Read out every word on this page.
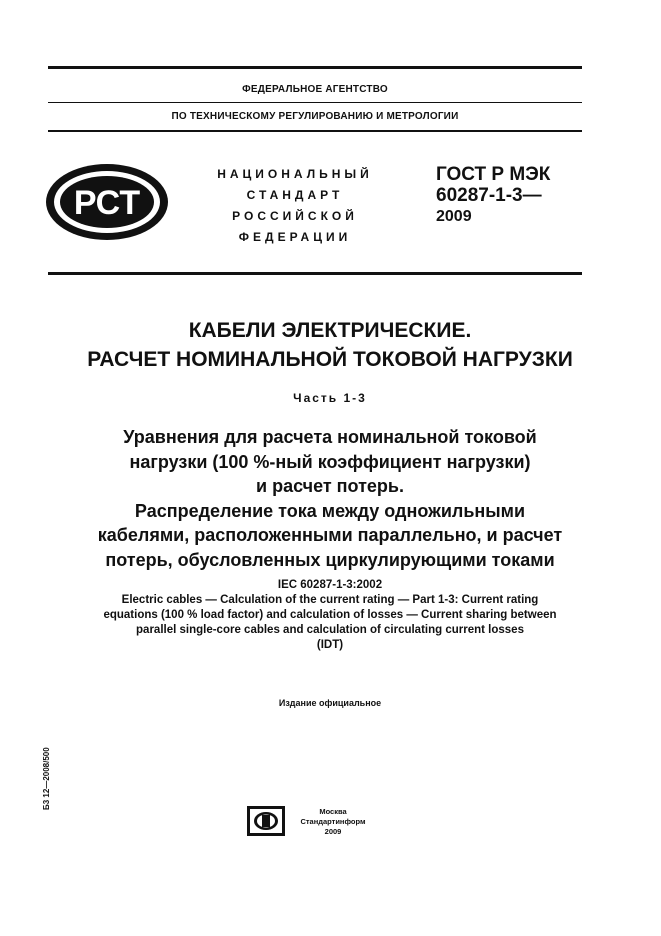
ФЕДЕРАЛЬНОЕ АГЕНТСТВО
ПО ТЕХНИЧЕСКОМУ РЕГУЛИРОВАНИЮ И МЕТРОЛОГИИ
РСТ
НАЦИОНАЛЬНЫЙ
СТАНДАРТ
РОССИЙСКОЙ
ФЕДЕРАЦИИ
ГОСТ Р МЭК
60287-1-3—
2009
КАБЕЛИ ЭЛЕКТРИЧЕСКИЕ.
РАСЧЕТ НОМИНАЛЬНОЙ ТОКОВОЙ НАГРУЗКИ
Часть 1-3
Уравнения для расчета номинальной токовой
нагрузки (100 %-ный коэффициент нагрузки)
и расчет потерь.
Распределение тока между одножильными
кабелями, расположенными параллельно, и расчет
потерь, обусловленных циркулирующими токами
IEC 60287-1-3:2002
Electric cables — Calculation of the current rating — Part 1-3: Current rating
equations (100 % load factor) and calculation of losses — Current sharing between
parallel single-core cables and calculation of circulating current losses
(IDT)
Издание официальное
Б3 12—2008/500
Москва
Стандартинформ
2009
